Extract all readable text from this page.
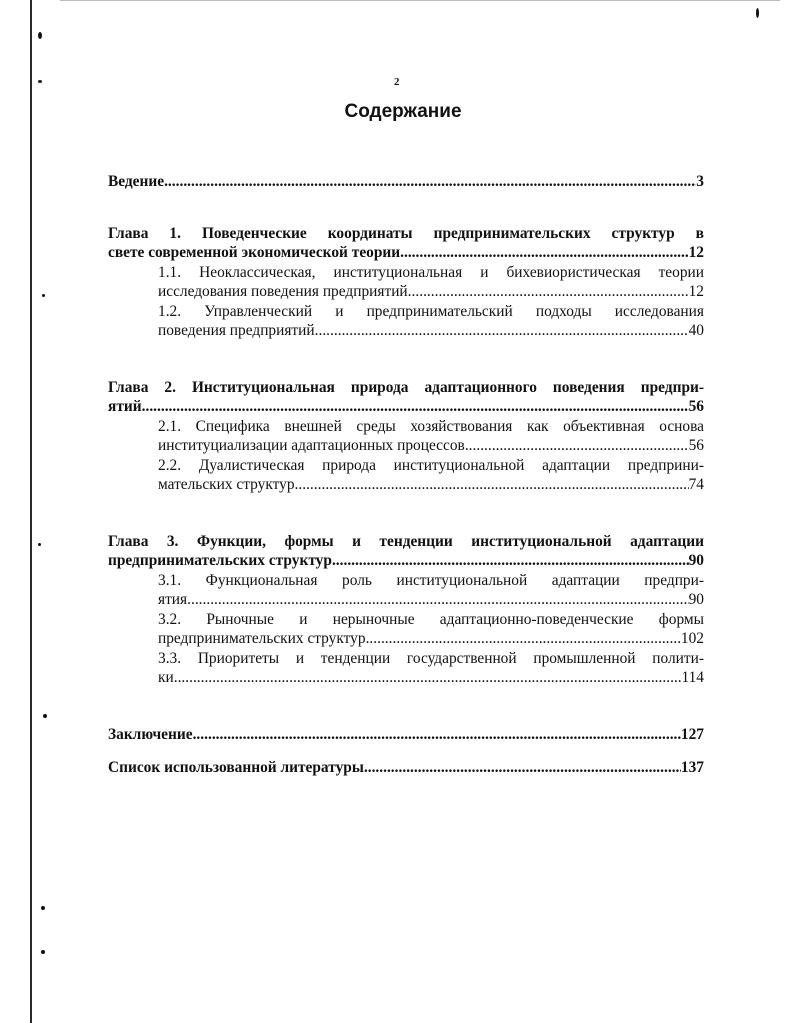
2
Содержание
Ведение .....	3
Глава 1. Поведенческие координаты предпринимательских структур в
свете современной экономической теории .....	12
1.1. Неоклассическая, институциональная и бихевиористическая теории
исследования поведения предприятий .....	12
1.2. Управленческий и предпринимательский подходы исследования
поведения предприятий .....	40
Глава 2. Институциональная природа адаптационного поведения предпри-
ятий .....	56
2.1. Специфика внешней среды хозяйствования как объективная основа
институциализации адаптационных процессов .....	56
2.2. Дуалистическая природа институциональной адаптации предприни-
мательских структур .....	74
Глава 3. Функции, формы и тенденции институциональной адаптации
предпринимательских структур .....	90
3.1. Функциональная роль институциональной адаптации предпри-
ятия .....	90
3.2. Рыночные и нерыночные адаптационно-поведенческие формы
предпринимательских структур .....	102
3.3. Приоритеты и тенденции государственной промышленной полити-
ки .....	114
Заключение .....	127
Список использованной литературы .....	137
